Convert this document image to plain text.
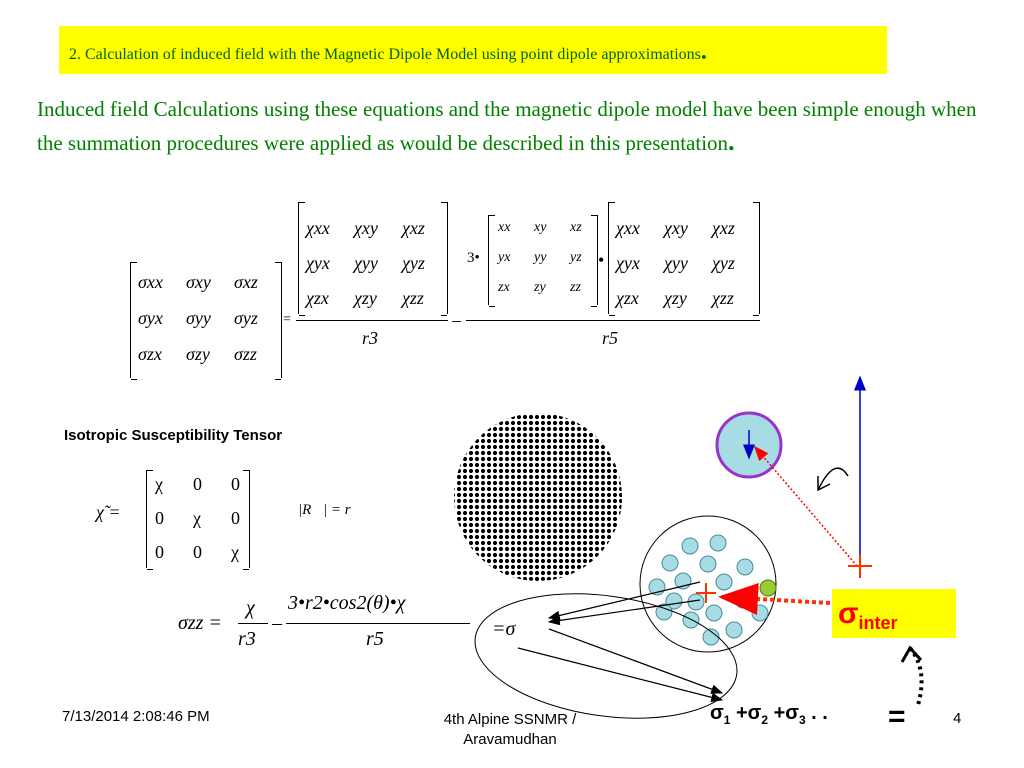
2. Calculation of induced field with the Magnetic Dipole Model using point dipole approximations.
Induced field Calculations using these equations and the magnetic dipole model have been simple enough when the summation procedures were applied as would be described in this presentation.
σxx σxy σxz
σyx σyy σyz
σzx σzy σzz
=
χxx χxy χxz
χyx χyy χyz
χzx χzy χzz
r3
–
3•
xx xy xz
yx yy yz
zx zy zz
•
χxx χxy χxz
χyx χyy χyz
χzx χzy χzz
r5
Isotropic Susceptibility Tensor
χ̃ =
χ 0 0
0 χ 0
0 0 χ
|R⃗| = r
σzz =
χ
r3
–
3•r2•cos2(θ)•χ
r5	=σ	$\sigma_{inter}$
$\sigma_1 +\sigma_2 +\sigma_3$ . . =
7/13/2014 2:08:46 PM	4th Alpine SSNMR /
Aravamudhan
4
